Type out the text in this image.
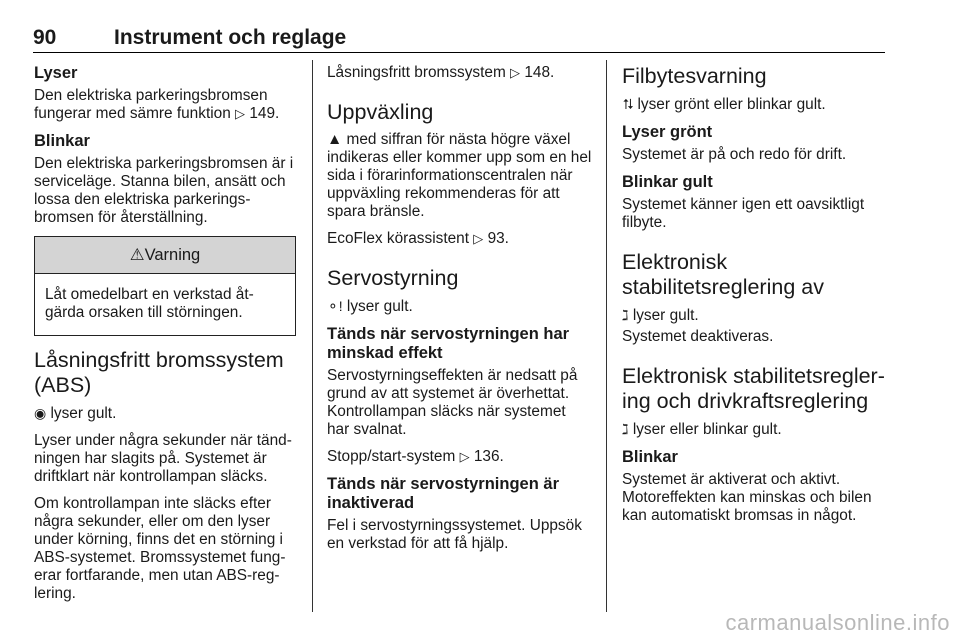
90	Instrument och reglage
Lyser

Den elektriska parkeringsbromsen fungerar med sämre funktion ▷ 149.

Blinkar

Den elektriska parkeringsbromsen är i serviceläge. Stanna bilen, ansätt och lossa den elektriska parkeringsbromsen för återställning.

⚠Varning

Låt omedelbart en verkstad åtgärda orsaken till störningen.

Låsningsfritt bromssystem (ABS)

◉ lyser gult.

Lyser under några sekunder när tändningen har slagits på. Systemet är driftklart när kontrollampan släcks.

Om kontrollampan inte släcks efter några sekunder, eller om den lyser under körning, finns det en störning i ABS-systemet. Bromssystemet fungerar fortfarande, men utan ABS-reglering.

Låsningsfritt bromssystem ▷ 148.

Uppväxling

▲ med siffran för nästa högre växel indikeras eller kommer upp som en hel sida i förarinformationscentralen när uppväxling rekommenderas för att spara bränsle.

EcoFlex körassistent ▷ 93.

Servostyrning

⚬! lyser gult.

Tänds när servostyrningen har minskad effekt

Servostyrningseffekten är nedsatt på grund av att systemet är överhettat. Kontrollampan släcks när systemet har svalnat.

Stopp/start-system ▷ 136.

Tänds när servostyrningen är inaktiverad

Fel i servostyrningssystemet. Uppsök en verkstad för att få hjälp.

Filbytesvarning

⮁ lyser grönt eller blinkar gult.

Lyser grönt

Systemet är på och redo för drift.

Blinkar gult

Systemet känner igen ett oavsiktligt filbyte.

Elektronisk stabilitetsreglering av

ℷ lyser gult.

Systemet deaktiveras.

Elektronisk stabilitetsreglering och drivkraftsreglering

ℷ lyser eller blinkar gult.

Blinkar

Systemet är aktiverat och aktivt. Motoreffekten kan minskas och bilen kan automatiskt bromsas in något.

carmanualsonline.info
